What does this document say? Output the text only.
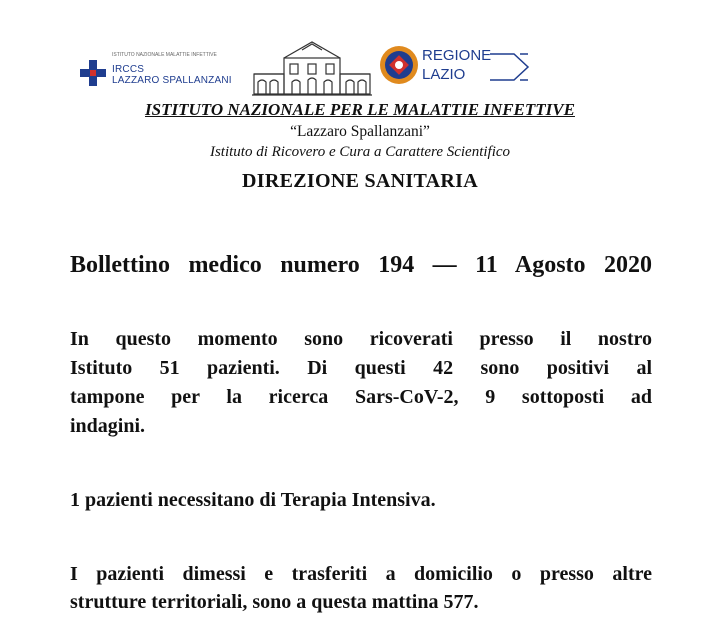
ISTITUTO NAZIONALE MALATTIE INFETTIVE
IRCCS
LAZZARO SPALLANZANI
REGIONE
LAZIO
ISTITUTO NAZIONALE PER LE MALATTIE INFETTIVE
“Lazzaro Spallanzani”
Istituto di Ricovero e Cura a Carattere Scientifico
DIREZIONE SANITARIA
Bollettino medico numero 194 — 11 Agosto 2020
In questo momento sono ricoverati presso il nostro
Istituto 51 pazienti. Di questi 42 sono positivi al
tampone per la ricerca Sars-CoV-2, 9 sottoposti ad
indagini.
1 pazienti necessitano di Terapia Intensiva.
I pazienti dimessi e trasferiti a domicilio o presso altre
strutture territoriali, sono a questa mattina 577.
